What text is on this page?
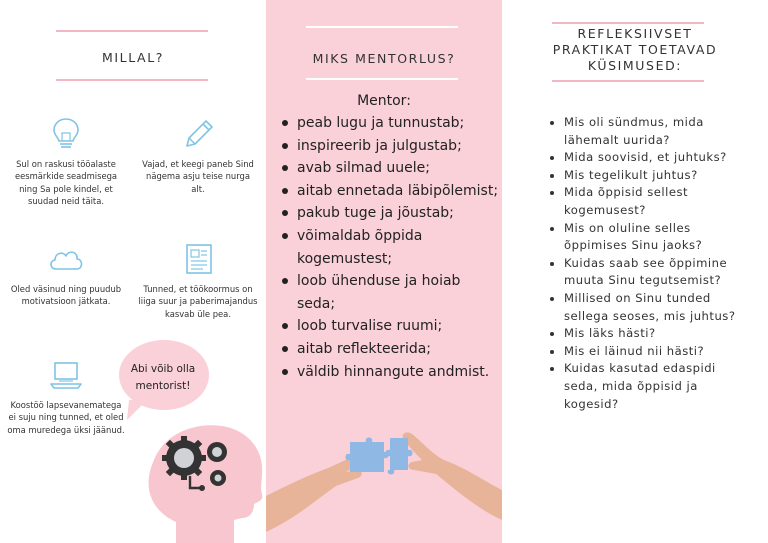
MILLAL?
Sul on raskusi tööalaste eesmärkide seadmisega ning Sa pole kindel, et suudad neid täita.
Vajad, et keegi paneb Sind nägema asju teise nurga alt.
Oled väsinud ning puudub motivatsioon jätkata.
Tunned, et töökoormus on liiga suur ja paberimajandus kasvab üle pea.
Koostöö lapsevanematega ei suju ning tunned, et oled oma muredega üksi jäänud.
Abi võib olla mentorist!
MIKS MENTORLUS?
Mentor:
peab lugu ja tunnustab;
inspireerib ja julgustab;
avab silmad uuele;
aitab ennetada läbipõlemist;
pakub tuge ja jõustab;
võimaldab õppida kogemustest;
loob ühenduse ja hoiab seda;
loob turvalise ruumi;
aitab reflekteerida;
väldib hinnangute andmist.
REFLEKSIIVSET
PRAKTIKAT TOETAVAD
KÜSIMUSED:
Mis oli sündmus, mida lähemalt uurida?
Mida soovisid, et juhtuks?
Mis tegelikult juhtus?
Mida õppisid sellest kogemusest?
Mis on oluline selles õppimises Sinu jaoks?
Kuidas saab see õppimine muuta Sinu tegutsemist?
Millised on Sinu tunded sellega seoses, mis juhtus?
Mis läks hästi?
Mis ei läinud nii hästi?
Kuidas kasutad edaspidi seda, mida õppisid ja kogesid?
